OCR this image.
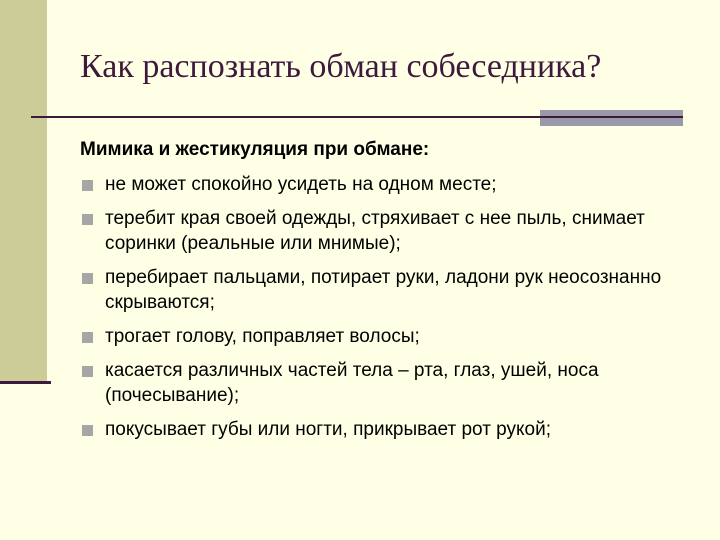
Как распознать обман собеседника?

Мимика и жестикуляция при обмане:

не может спокойно усидеть на одном месте;
теребит края своей одежды, стряхивает с нее пыль, снимает соринки (реальные или мнимые);
перебирает пальцами, потирает руки, ладони рук неосознанно скрываются;
трогает голову, поправляет волосы;
касается различных частей тела – рта, глаз, ушей, носа (почесывание);
покусывает губы или ногти, прикрывает рот рукой;
